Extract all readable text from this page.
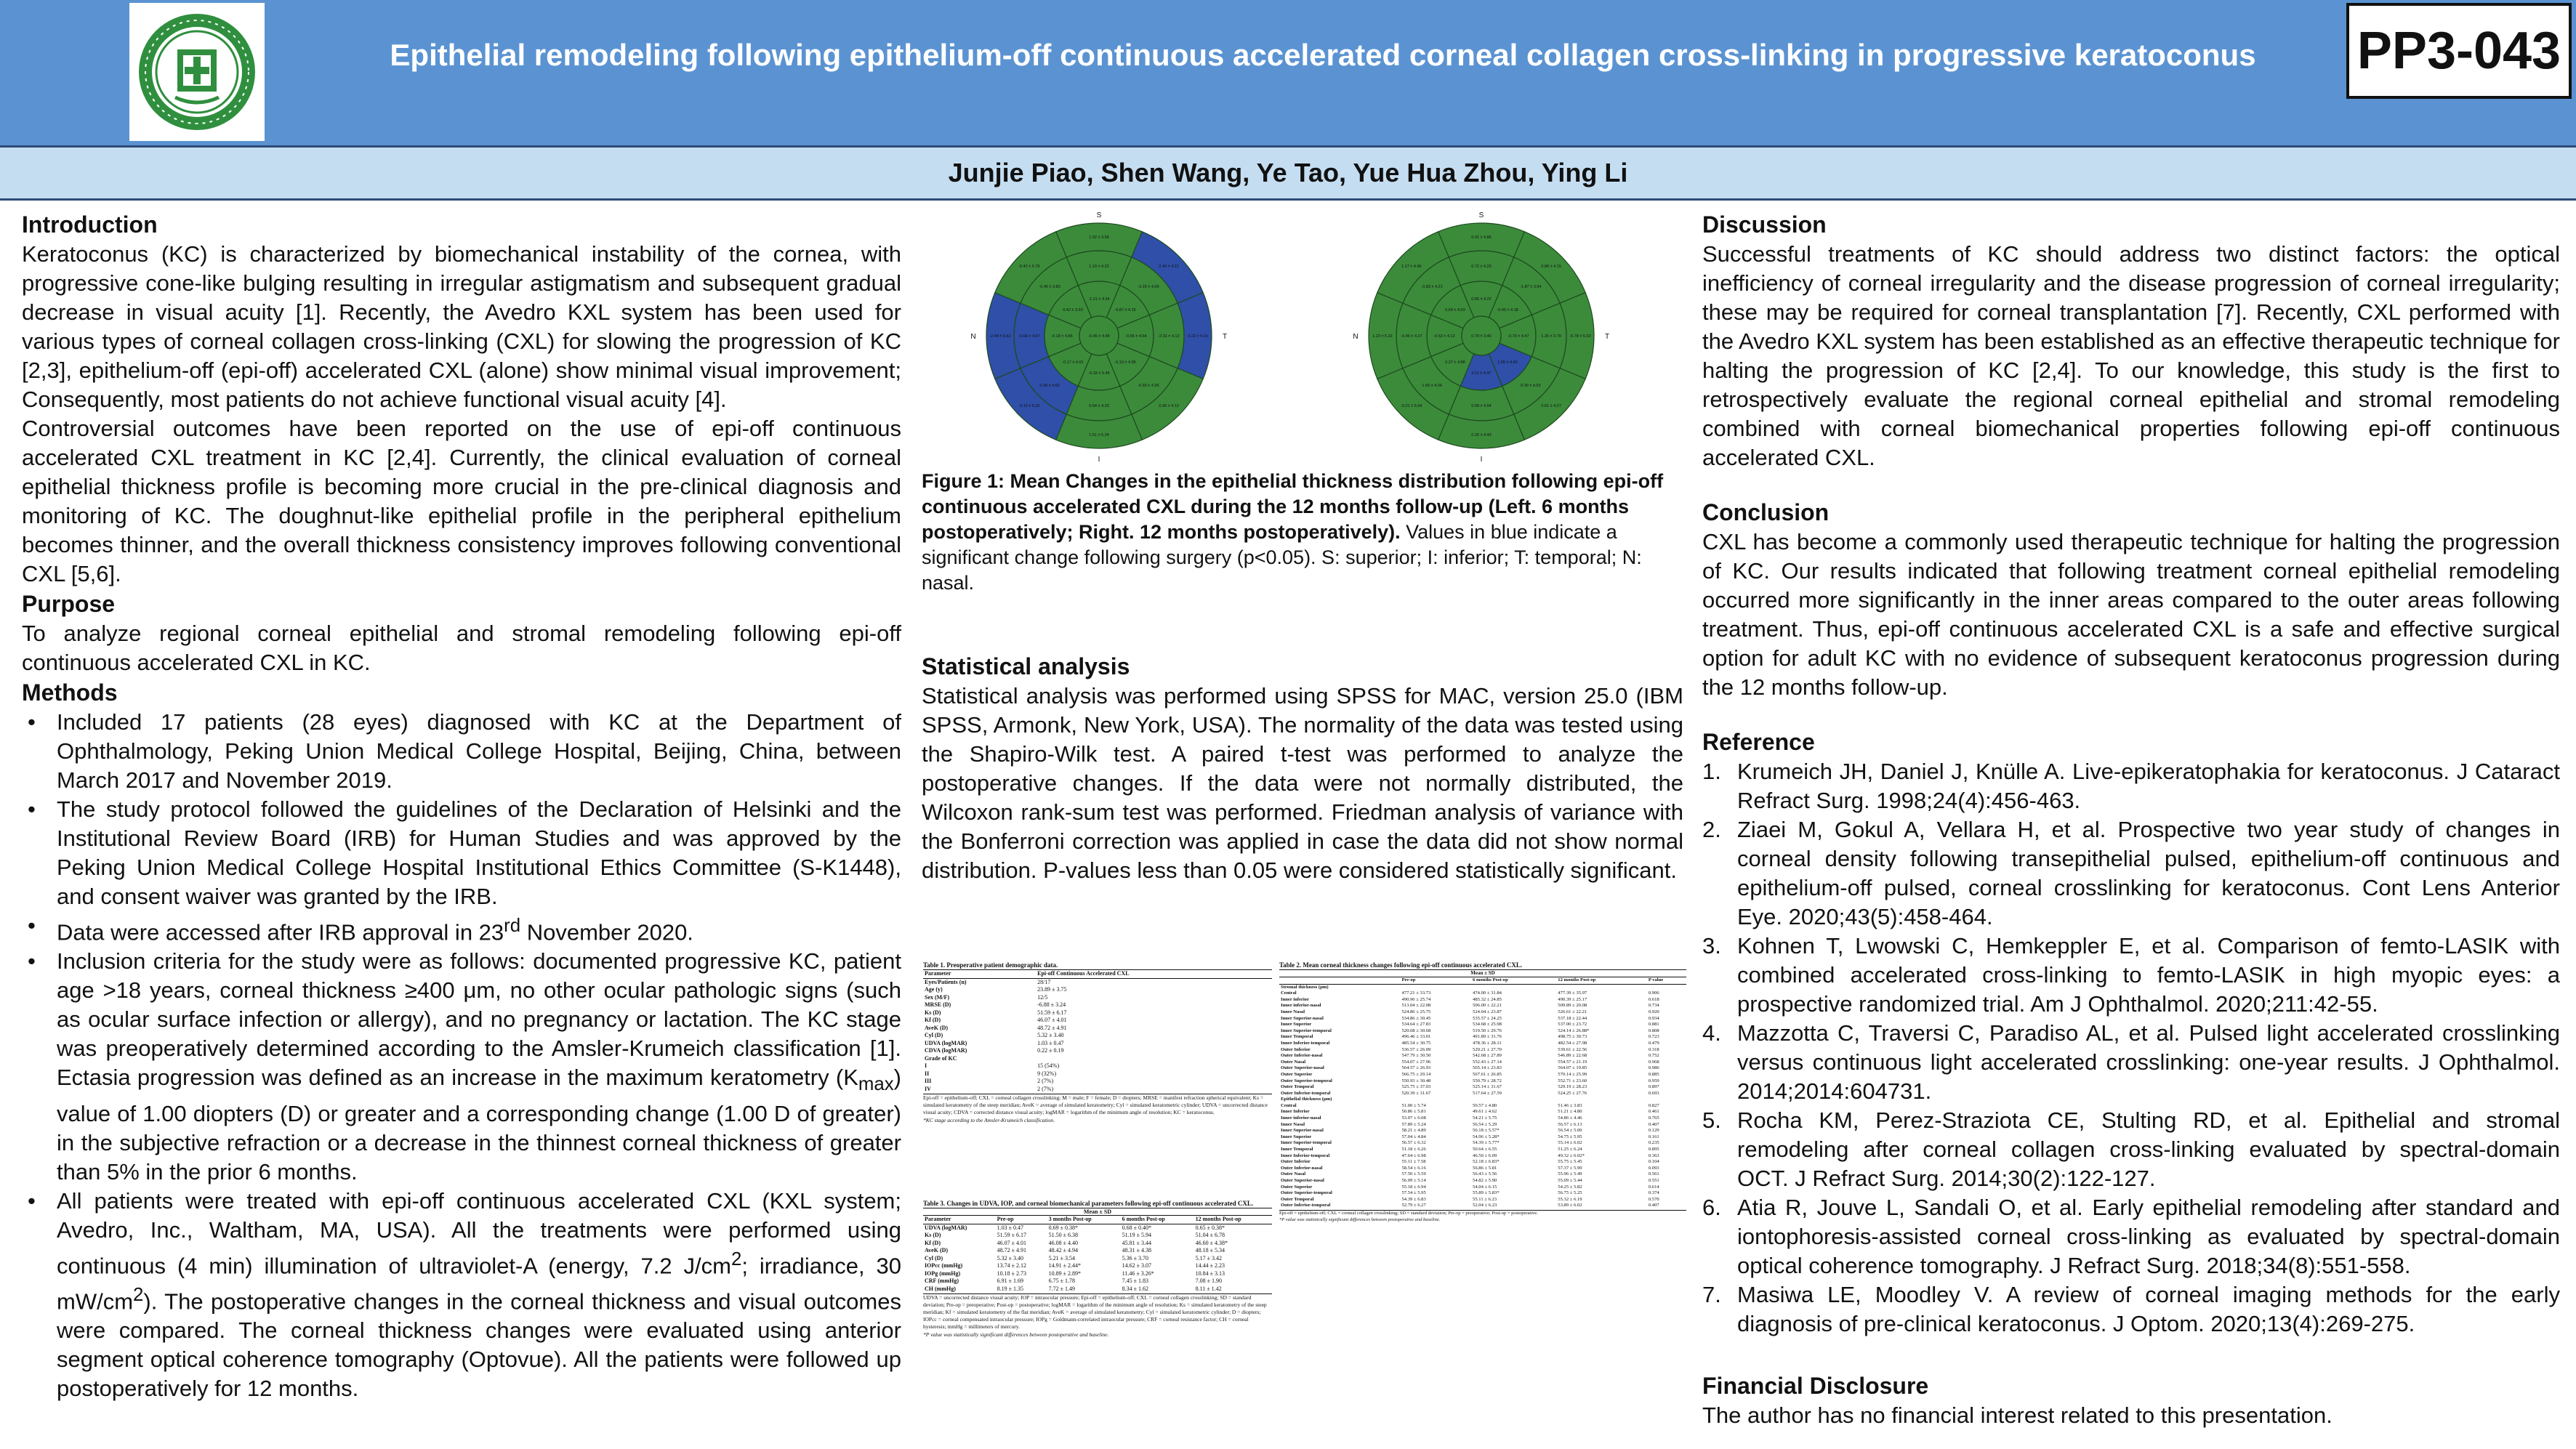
Epithelial remodeling following epithelium-off continuous accelerated corneal collagen cross-linking in progressive keratoconus	PP3-043
Junjie Piao, Shen Wang, Ye Tao, Yue Hua Zhou, Ying Li
Introduction

Keratoconus (KC) is characterized by biomechanical instability of the cornea, with progressive cone-like bulging resulting in irregular astigmatism and subsequent gradual decrease in visual acuity [1]. Recently, the Avedro KXL system has been used for various types of corneal collagen cross-linking (CXL) for slowing the progression of KC [2,3], epithelium-off (epi-off) accelerated CXL (alone) show minimal visual improvement; Consequently, most patients do not achieve functional visual acuity [4].

Controversial outcomes have been reported on the use of epi-off continuous accelerated CXL treatment in KC [2,4]. Currently, the clinical evaluation of corneal epithelial thickness profile is becoming more crucial in the pre-clinical diagnosis and monitoring of KC. The doughnut-like epithelial profile in the peripheral epithelium becomes thinner, and the overall thickness consistency improves following conventional CXL [5,6].

Purpose

To analyze regional corneal epithelial and stromal remodeling following epi-off continuous accelerated CXL in KC.

Methods
• Included 17 patients (28 eyes) diagnosed with KC at the Department of Ophthalmology, Peking Union Medical College Hospital, Beijing, China, between March 2017 and November 2019.
• The study protocol followed the guidelines of the Declaration of Helsinki and the Institutional Review Board (IRB) for Human Studies and was approved by the Peking Union Medical College Hospital Institutional Ethics Committee (S-K1448), and consent waiver was granted by the IRB.
• Data were accessed after IRB approval in 23rd November 2020.
• Inclusion criteria for the study were as follows: documented progressive KC, patient age >18 years, corneal thickness ≥400 μm, no other ocular pathologic signs (such as ocular surface infection or allergy), and no pregnancy or lactation. The KC stage was preoperatively determined according to the Amsler-Krumeich classification [1]. Ectasia progression was defined as an increase in the maximum keratometry $(K_{max})$ value of 1.00 diopters (D) or greater and a corresponding change (1.00 D of greater) in the subjective refraction or a decrease in the thinnest corneal thickness of greater than 5% in the prior 6 months.
• All patients were treated with epi-off continuous accelerated CXL (KXL system; Avedro, Inc., Waltham, MA, USA). All the treatments were performed using continuous (4 min) illumination of ultraviolet-A (energy, 7.2 $J/cm^2$; irradiance, 30 $mW/cm^2$). The postoperative changes in the corneal thickness and visual outcomes were compared. The corneal thickness changes were evaluated using anterior segment optical coherence tomography (Optovue). All the patients were followed up postoperatively for 12 months.
-0.45 ± 4.48
-1.21 ± 4.34
-0.87 ± 4.15
-0.65 ± 4.64
-0.19 ± 4.95
-0.33 ± 5.49
-0.17 ± 4.01
-0.18 ± 4.86
0.42 ± 3.93
1.10 ± 4.22
-3.19 ± 4.09
-2.31 ± 4.12
-0.93 ± 4.35
0.54 ± 4.23
0.39 ± 4.62
-0.66 ± 4.97
-0.46 ± 3.83
1.02 ± 3.58
2.40 ± 4.21
3.22 ± 4.10
0.96 ± 4.12
1.51 ± 5.24
-3.13 ± 5.32
-2.44 ± 5.62
-0.42 ± 5.79
S
I
N	T	0.79 ± 3.46
0.85 ± 4.22
-0.40 ± 4.18
-0.70 ± 4.47
1.05 ± 4.42
0.11 ± 4.47
0.27 ± 4.88
-0.53 ± 4.12
0.64 ± 4.03
0.72 ± 4.23
-1.87 ± 3.64
1.26 ± 3.79
0.39 ± 4.53
0.58 ± 4.54
1.65 ± 4.04
-0.45 ± 4.37
-0.83 ± 4.21
0.41 ± 4.86
0.86 ± 4.15
-0.78 ± 5.02
0.61 ± 4.27
0.25 ± 4.43
-0.21 ± 5.04
1.23 ± 5.22
1.17 ± 4.96
S
I
N	T
Figure 1: Mean Changes in the epithelial thickness distribution following epi-off continuous accelerated CXL during the 12 months follow-up (Left. 6 months postoperatively; Right. 12 months postoperatively). Values in blue indicate a significant change following surgery (p<0.05). S: superior; I: inferior; T: temporal; N: nasal.
Statistical analysis

Statistical analysis was performed using SPSS for MAC, version 25.0 (IBM SPSS, Armonk, New York, USA). The normality of the data was tested using the Shapiro-Wilk test. A paired t-test was performed to analyze the postoperative changes. If the data were not normally distributed, the Wilcoxon rank-sum test was performed. Friedman analysis of variance with the Bonferroni correction was applied in case the data did not show normal distribution. P-values less than 0.05 were considered statistically significant.

Table 1. Preoperative patient demographic data.
Parameter	Epi-off Continuous Accelerated CXL
Eyes/Patients (n)	28/17
Age (y)	23.89 ± 3.75
Sex (M/F)	12/5
MRSE (D)	-6.88 ± 3.24
Ks (D)	51.59 ± 6.17
Kf (D)	46.07 ± 4.01
AveK (D)	48.72 ± 4.91
Cyl (D)	5.32 ± 3.40
UDVA (logMAR)	1.03 ± 0.47
CDVA (logMAR)	0.22 ± 0.19
Grade of KC	
I	15 (54%)
II	9 (32%)
III	2 (7%)
IV	2 (7%)
Epi-off = epithelium-off; CXL = corneal collagen crosslinking; M = male; F = female; D = diopters; MRSE = manifest refraction spherical equivalent; Ks = simulated keratometry of the steep meridian; AveK = average of simulated keratometry; Cyl = simulated keratometric cylinder; UDVA = uncorrected distance visual acuity; CDVA = corrected distance visual acuity; logMAR = logarithm of the minimum angle of resolution; KC = keratoconus.
*KC stage according to the Amsler-Krumeich classification.
Table 3. Changes in UDVA, IOP, and corneal biomechanical parameters following epi-off continuous accelerated CXL.
Mean ± SD
Parameter	Pre-op	3 months Post-op	6 months Post-op	12 months Post-op
UDVA (logMAR)	1.03 ± 0.47	0.69 ± 0.38*	0.68 ± 0.40*	0.65 ± 0.38*
Ks (D)	51.59 ± 6.17	51.50 ± 6.38	51.19 ± 5.94	51.04 ± 6.78
Kf (D)	46.07 ± 4.01	46.08 ± 4.40	45.81 ± 3.44	46.60 ± 4.38*
AveK (D)	48.72 ± 4.91	48.42 ± 4.94	48.31 ± 4.38	48.18 ± 5.34
Cyl (D)	5.32 ± 3.40	5.21 ± 3.54	5.36 ± 3.70	5.17 ± 3.42
IOPcc (mmHg)	13.74 ± 2.12	14.91 ± 2.44*	14.62 ± 3.07	14.44 ± 2.23
IOPg (mmHg)	10.18 ± 2.73	10.89 ± 2.89*	11.46 ± 3.26*	10.84 ± 3.13
CRF (mmHg)	6.91 ± 1.69	6.75 ± 1.78	7.45 ± 1.83	7.08 ± 1.90
CH (mmHg)	8.19 ± 1.35	7.72 ± 1.49	8.34 ± 1.62	8.11 ± 1.42
UDVA = uncorrected distance visual acuity; IOP = intraocular pressure; Epi-off = epithelium-off; CXL = corneal collagen crosslinking; SD = standard deviation; Pre-op = preoperative; Post-op = postoperative; logMAR = logarithm of the minimum angle of resolution; Ks = simulated keratometry of the steep meridian; Kf = simulated keratometry of the flat meridian; AveK = average of simulated keratometry; Cyl = simulated keratometric cylinder; D = diopters; IOPcc = corneal compensated intraocular pressure; IOPg = Goldmann-correlated intraocular pressure; CRF = corneal resistance factor; CH = corneal hysteresis; mmHg = millimeters of mercury.
*P value was statistically significant differences between postoperative and baseline.
Table 2. Mean corneal thickness changes following epi-off continuous accelerated CXL.
Mean ± SD
	Pre-op	6 months Post-op	12 months Post-op	P value
Stromal thickness (μm)				
Central	477.21 ± 33.73	474.00 ± 31.84	477.39 ± 35.97	0.906
Inner inferior	490.96 ± 25.74	485.32 ± 24.85	490.39 ± 25.17	0.618
Inner inferior-nasal	513.04 ± 22.08	506.00 ± 22.21	509.89 ± 20.08	0.734
Inner Nasal	524.86 ± 25.75	524.04 ± 23.87	526.61 ± 22.21	0.920
Inner Superior-nasal	534.86 ± 30.45	535.57 ± 24.25	537.18 ± 22.44	0.934
Inner Superior	534.64 ± 27.83	534.68 ± 25.98	537.00 ± 23.72	0.881
Inner Superior-temporal	520.68 ± 30.68	519.50 ± 29.76	524.14 ± 26.88*	0.808
Inner Temporal	496.46 ± 33.01	491.89 ± 31.76	498.75 ± 30.73	0.723
Inner Inferior-temporal	485.54 ± 30.75	478.36 ± 28.11	482.54 ± 27.98	0.479
Outer Inferior	536.57 ± 26.09	529.21 ± 27.70	539.61 ± 22.56	0.318
Outer Inferior-nasal	547.79 ± 30.50	542.68 ± 27.89	546.89 ± 22.68	0.752
Outer Nasal	554.07 ± 27.96	552.43 ± 27.14	554.57 ± 21.19	0.968
Outer Superior-nasal	564.57 ± 26.93	565.14 ± 23.83	564.07 ± 19.85	0.986
Outer Superior	566.75 ± 29.14	567.61 ± 26.85	570.14 ± 25.99	0.885
Outer Superior-temporal	550.93 ± 30.48	550.79 ± 28.72	552.71 ± 23.60	0.959
Outer Temporal	525.75 ± 37.03	525.14 ± 31.67	529.19 ± 28.23	0.897
Outer Inferior-temporal	520.39 ± 31.67	517.64 ± 27.59	524.25 ± 27.76	0.693
Epithelial thickness (μm)				
Central	51.00 ± 5.74	50.57 ± 4.80	51.46 ± 3.83	0.827
Inner Inferior	50.86 ± 5.81	49.61 ± 4.62	51.21 ± 4.80	0.461
Inner inferior-nasal	53.07 ± 6.08	54.21 ± 5.75	54.86 ± 4.46	0.765
Inner Nasal	57.89 ± 5.24	56.54 ± 5.29	56.57 ± 6.13	0.407
Inner Superior-nasal	58.21 ± 4.89	56.18 ± 5.57*	56.54 ± 5.00	0.129
Inner Superior	57.04 ± 4.84	54.96 ± 5.28*	54.75 ± 5.95	0.161
Inner Superior-temporal	56.57 ± 6.32	54.39 ± 5.77*	55.14 ± 6.02	0.235
Inner Temporal	51.18 ± 6.26	50.64 ± 6.55	51.25 ± 6.24	0.895
Inner Inferior-temporal	47.64 ± 6.98	46.50 ± 6.09	49.32 ± 6.02*	0.363
Outer Inferior	55.11 ± 7.58	52.18 ± 6.83*	55.75 ± 5.45	0.104
Outer Inferior-nasal	58.54 ± 6.16	56.86 ± 5.81	57.37 ± 5.99	0.093
Outer Nasal	57.50 ± 5.59	56.43 ± 5.56	55.96 ± 5.49	0.561
Outer Superior-nasal	56.09 ± 5.14	54.82 ± 5.90	55.09 ± 5.44	0.551
Outer Superior	55.18 ± 6.94	54.04 ± 6.15	54.25 ± 5.82	0.614
Outer Superior-temporal	57.54 ± 5.95	55.89 ± 5.83*	56.75 ± 5.25	0.374
Outer Temporal	54.39 ± 6.83	55.11 ± 6.23	55.32 ± 6.19	0.570
Outer Inferior-temporal	52.79 ± 6.27	52.04 ± 6.23	53.89 ± 6.02	0.407
Epi-off = epithelium-off; CXL = corneal collagen crosslinking; SD = standard deviation; Pre-op = preoperative; Post-op = postoperative.
*P value was statistically significant differences between postoperative and baseline.
Discussion

Successful treatments of KC should address two distinct factors: the optical inefficiency of corneal irregularity and the disease progression of corneal irregularity; these may be required for corneal transplantation [7]. Recently, CXL performed with the Avedro KXL system has been established as an effective therapeutic technique for halting the progression of KC [2,4]. To our knowledge, this study is the first to retrospectively evaluate the regional corneal epithelial and stromal remodeling combined with corneal biomechanical properties following epi-off continuous accelerated CXL.

Conclusion

CXL has become a commonly used therapeutic technique for halting the progression of KC. Our results indicated that following treatment corneal epithelial remodeling occurred more significantly in the inner areas compared to the outer areas following treatment. Thus, epi-off continuous accelerated CXL is a safe and effective surgical option for adult KC with no evidence of subsequent keratoconus progression during the 12 months follow-up.

Reference
1. Krumeich JH, Daniel J, Knülle A. Live-epikeratophakia for keratoconus. J Cataract Refract Surg. 1998;24(4):456-463.
2. Ziaei M, Gokul A, Vellara H, et al. Prospective two year study of changes in corneal density following transepithelial pulsed, epithelium-off continuous and epithelium-off pulsed, corneal crosslinking for keratoconus. Cont Lens Anterior Eye. 2020;43(5):458-464.
3. Kohnen T, Lwowski C, Hemkeppler E, et al. Comparison of femto-LASIK with combined accelerated cross-linking to femto-LASIK in high myopic eyes: a prospective randomized trial. Am J Ophthalmol. 2020;211:42-55.
4. Mazzotta C, Traversi C, Paradiso AL, et al. Pulsed light accelerated crosslinking versus continuous light accelerated crosslinking: one-year results. J Ophthalmol. 2014;2014:604731.
5. Rocha KM, Perez-Straziota CE, Stulting RD, et al. Epithelial and stromal remodeling after corneal collagen cross-linking evaluated by spectral-domain OCT. J Refract Surg. 2014;30(2):122-127.
6. Atia R, Jouve L, Sandali O, et al. Early epithelial remodeling after standard and iontophoresis-assisted corneal cross-linking as evaluated by spectral-domain optical coherence tomography. J Refract Surg. 2018;34(8):551-558.
7. Masiwa LE, Moodley V. A review of corneal imaging methods for the early diagnosis of pre-clinical keratoconus. J Optom. 2020;13(4):269-275.
Financial Disclosure

The author has no financial interest related to this presentation.
